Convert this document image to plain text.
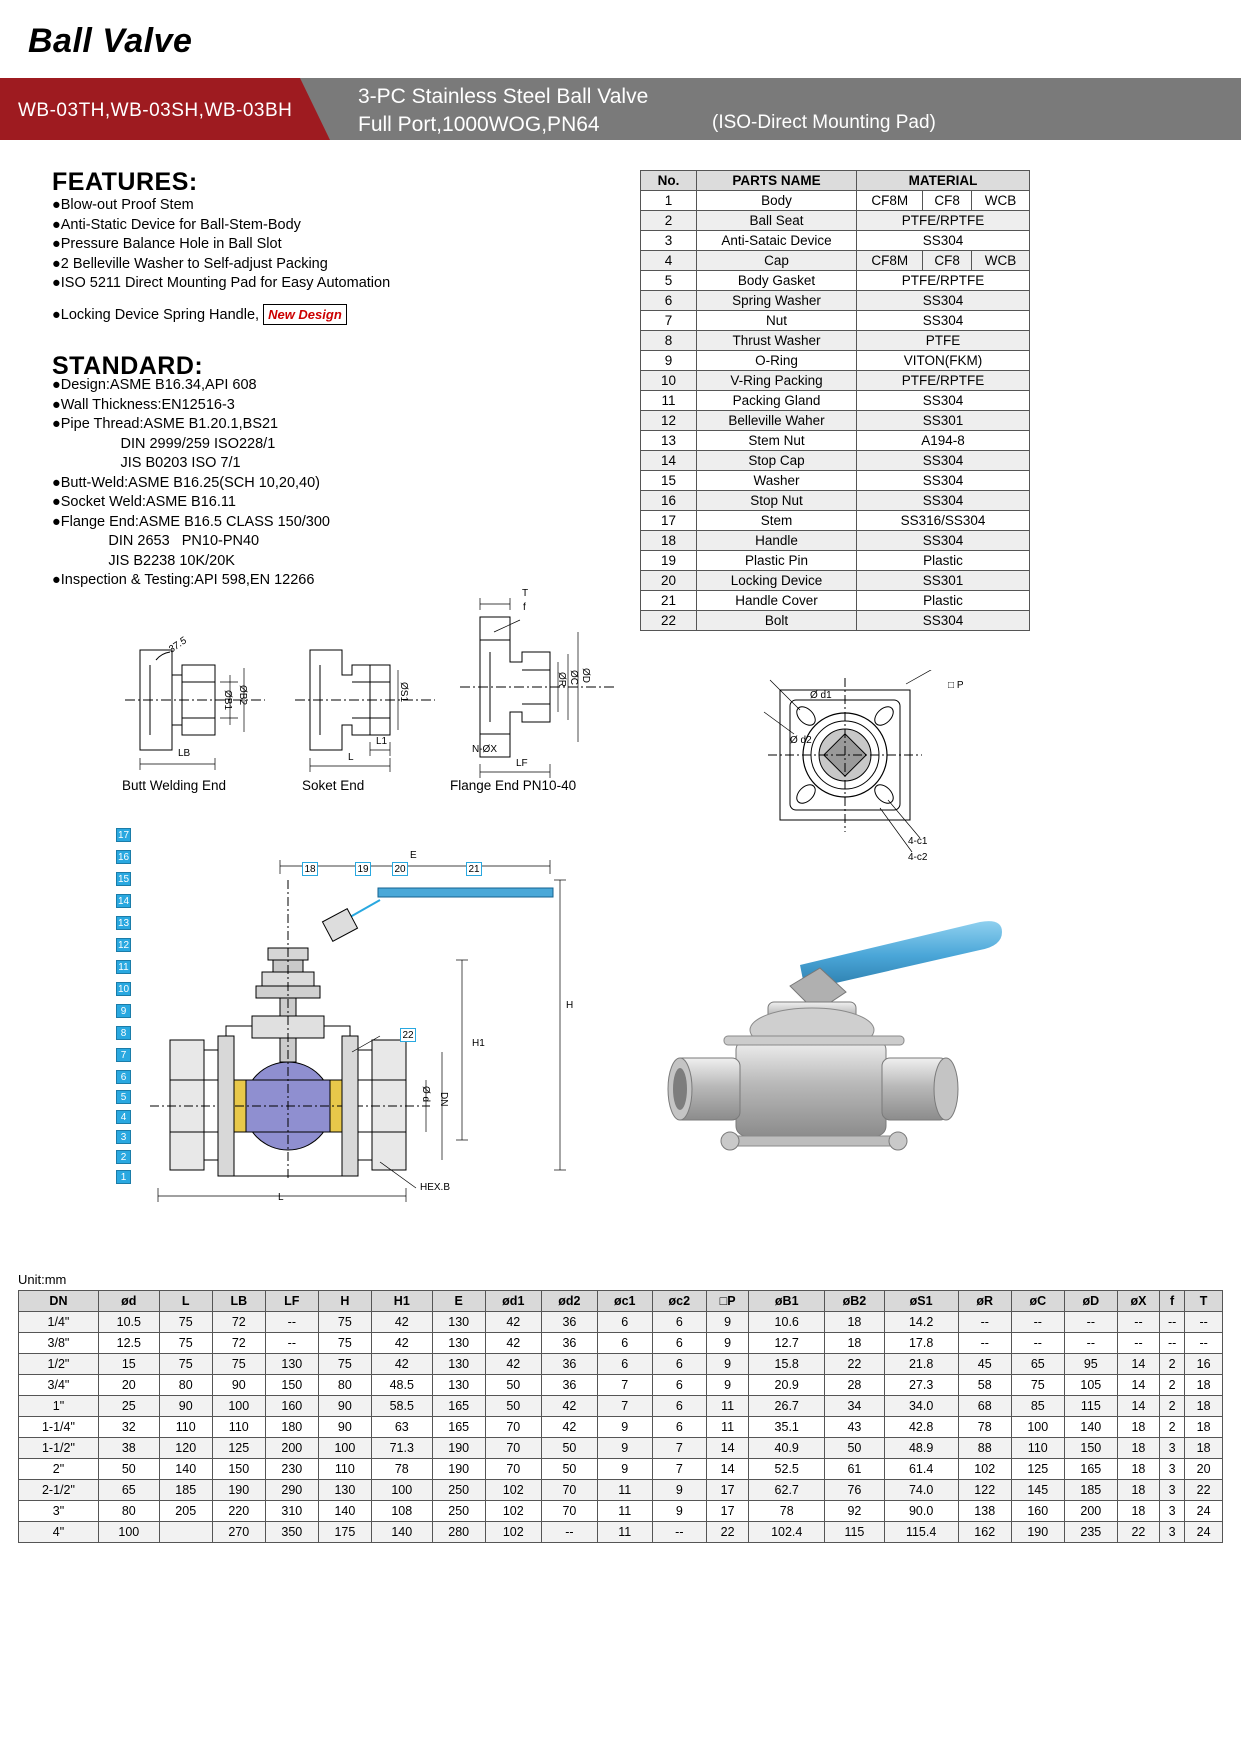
Ball Valve
WB-03TH,WB-03SH,WB-03BH
3-PC Stainless Steel Ball Valve
Full Port,1000WOG,PN64	(ISO-Direct Mounting Pad)
FEATURES:
●Blow-out Proof Stem
●Anti-Static Device for Ball-Stem-Body
●Pressure Balance Hole in Ball Slot
●2 Belleville Washer to Self-adjust Packing
●ISO 5211 Direct Mounting Pad for Easy Automation
●Locking Device Spring Handle, New Design
STANDARD:
●Design:ASME B16.34,API 608
●Wall Thickness:EN12516-3
●Pipe Thread:ASME B1.20.1,BS21
DIN 2999/259 ISO228/1
JIS B0203 ISO 7/1
●Butt-Weld:ASME B16.25(SCH 10,20,40)
●Socket Weld:ASME B16.11
●Flange End:ASME B16.5 CLASS 150/300
DIN 2653   PN10-PN40
JIS B2238 10K/20K
●Inspection & Testing:API 598,EN 12266
No.	PARTS NAME	MATERIAL		
1	Body	CF8M	CF8	WCB
2	Ball Seat	PTFE/RPTFE		
3	Anti-Sataic Device	SS304		
4	Cap	CF8M	CF8	WCB
5	Body Gasket	PTFE/RPTFE		
6	Spring Washer	SS304		
7	Nut	SS304		
8	Thrust Washer	PTFE		
9	O-Ring	VITON(FKM)		
10	V-Ring Packing	PTFE/RPTFE		
11	Packing Gland	SS304		
12	Belleville Waher	SS301		
13	Stem Nut	A194-8		
14	Stop Cap	SS304		
15	Washer	SS304		
16	Stop Nut	SS304		
17	Stem	SS316/SS304		
18	Handle	SS304		
19	Plastic Pin	Plastic		
20	Locking Device	SS301		
21	Handle Cover	Plastic		
22	Bolt	SS304		
37.5
ØB1 ØB2
LB
Butt Welding End
ØS1
L1
L
Soket End
T
f
ØR ØC ØD
N-ØX
LF
Flange End PN10-40
Ø d1
Ø d2
□ P
4-c1
4-c2
E
H
H1
L
Ø d DN
HEX.B
17
16
15
14
13
12
11
10
9
8
7
6
5
4
3
2
1
18	19	20	21
22
Unit:mm
DN	ød	L	LB	LF	H	H1	E	ød1	ød2	øc1	øc2	□P	øB1	øB2	øS1	øR	øC	øD	øX	f	T
1/4"	10.5	75	72	--	75	42	130	42	36	6	6	9	10.6	18	14.2	--	--	--	--	--	--
3/8"	12.5	75	72	--	75	42	130	42	36	6	6	9	12.7	18	17.8	--	--	--	--	--	--
1/2"	15	75	75	130	75	42	130	42	36	6	6	9	15.8	22	21.8	45	65	95	14	2	16
3/4"	20	80	90	150	80	48.5	130	50	36	7	6	9	20.9	28	27.3	58	75	105	14	2	18
1"	25	90	100	160	90	58.5	165	50	42	7	6	11	26.7	34	34.0	68	85	115	14	2	18
1-1/4"	32	110	110	180	90	63	165	70	42	9	6	11	35.1	43	42.8	78	100	140	18	2	18
1-1/2"	38	120	125	200	100	71.3	190	70	50	9	7	14	40.9	50	48.9	88	110	150	18	3	18
2"	50	140	150	230	110	78	190	70	50	9	7	14	52.5	61	61.4	102	125	165	18	3	20
2-1/2"	65	185	190	290	130	100	250	102	70	11	9	17	62.7	76	74.0	122	145	185	18	3	22
3"	80	205	220	310	140	108	250	102	70	11	9	17	78	92	90.0	138	160	200	18	3	24
4"	100		270	350	175	140	280	102	--	11	--	22	102.4	115	115.4	162	190	235	22	3	24
